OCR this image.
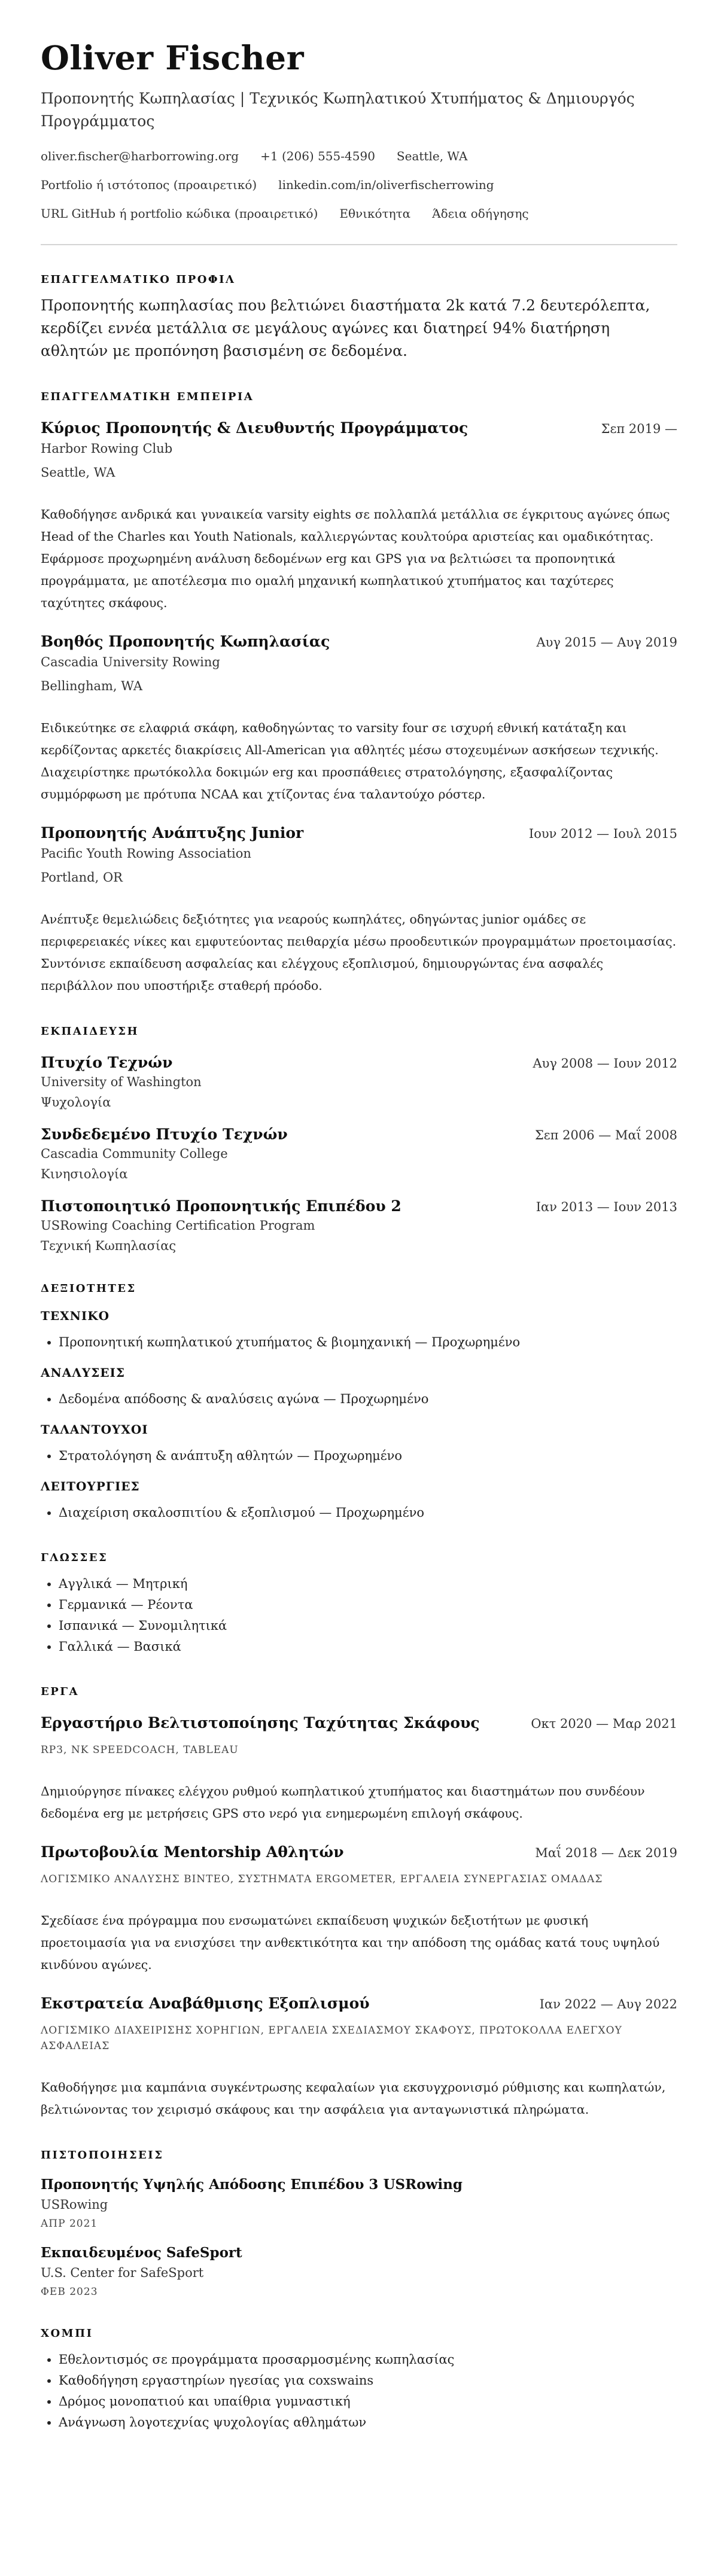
Oliver Fischer
Προπονητής Κωπηλασίας | Τεχνικός Κωπηλατικού Χτυπήματος & Δημιουργός Προγράμματος
oliver.fischer@harborrowing.org +1 (206) 555-4590 Seattle, WA
Portfolio ή ιστότοπος (προαιρετικό) linkedin.com/in/oliverfischerrowing
URL GitHub ή portfolio κώδικα (προαιρετικό) Εθνικότητα Άδεια οδήγησης
ΕΠΑΓΓΕΛΜΑΤΙΚΟ ΠΡΟΦΙΛ

Προπονητής κωπηλασίας που βελτιώνει διαστήματα 2k κατά 7.2 δευτερόλεπτα, κερδίζει εννέα μετάλλια σε μεγάλους αγώνες και διατηρεί 94% διατήρηση αθλητών με προπόνηση βασισμένη σε δεδομένα.

ΕΠΑΓΓΕΛΜΑΤΙΚΗ ΕΜΠΕΙΡΙΑ
Κύριος Προπονητής & Διευθυντής Προγράμματος	Σεπ 2019 —
Harbor Rowing Club
Seattle, WA
Καθοδήγησε ανδρικά και γυναικεία varsity eights σε πολλαπλά μετάλλια σε έγκριτους αγώνες όπως Head of the Charles και Youth Nationals, καλλιεργώντας κουλτούρα αριστείας και ομαδικότητας. Εφάρμοσε προχωρημένη ανάλυση δεδομένων erg και GPS για να βελτιώσει τα προπονητικά προγράμματα, με αποτέλεσμα πιο ομαλή μηχανική κωπηλατικού χτυπήματος και ταχύτερες ταχύτητες σκάφους.
Βοηθός Προπονητής Κωπηλασίας	Αυγ 2015 — Αυγ 2019
Cascadia University Rowing
Bellingham, WA
Ειδικεύτηκε σε ελαφριά σκάφη, καθοδηγώντας το varsity four σε ισχυρή εθνική κατάταξη και κερδίζοντας αρκετές διακρίσεις All-American για αθλητές μέσω στοχευμένων ασκήσεων τεχνικής. Διαχειρίστηκε πρωτόκολλα δοκιμών erg και προσπάθειες στρατολόγησης, εξασφαλίζοντας συμμόρφωση με πρότυπα NCAA και χτίζοντας ένα ταλαντούχο ρόστερ.
Προπονητής Ανάπτυξης Junior	Ιουν 2012 — Ιουλ 2015
Pacific Youth Rowing Association
Portland, OR
Ανέπτυξε θεμελιώδεις δεξιότητες για νεαρούς κωπηλάτες, οδηγώντας junior ομάδες σε περιφερειακές νίκες και εμφυτεύοντας πειθαρχία μέσω προοδευτικών προγραμμάτων προετοιμασίας. Συντόνισε εκπαίδευση ασφαλείας και ελέγχους εξοπλισμού, δημιουργώντας ένα ασφαλές περιβάλλον που υποστήριξε σταθερή πρόοδο.
ΕΚΠΑΙΔΕΥΣΗ
Πτυχίο Τεχνών	Αυγ 2008 — Ιουν 2012
University of Washington
Ψυχολογία
Συνδεδεμένο Πτυχίο Τεχνών	Σεπ 2006 — Μαΐ 2008
Cascadia Community College
Κινησιολογία
Πιστοποιητικό Προπονητικής Επιπέδου 2	Ιαν 2013 — Ιουν 2013
USRowing Coaching Certification Program
Τεχνική Κωπηλασίας
ΔΕΞΙΟΤΗΤΕΣ
ΤΕΧΝΙΚΟ
• Προπονητική κωπηλατικού χτυπήματος & βιομηχανική — Προχωρημένο
ΑΝΑΛΥΣΕΙΣ
• Δεδομένα απόδοσης & αναλύσεις αγώνα — Προχωρημένο
ΤΑΛΑΝΤΟΥΧΟΙ
• Στρατολόγηση & ανάπτυξη αθλητών — Προχωρημένο
ΛΕΙΤΟΥΡΓΙΕΣ
• Διαχείριση σκαλοσπιτίου & εξοπλισμού — Προχωρημένο
ΓΛΩΣΣΕΣ
• Αγγλικά — Μητρική
• Γερμανικά — Ρέοντα
• Ισπανικά — Συνομιλητικά
• Γαλλικά — Βασικά
ΕΡΓΑ
Εργαστήριο Βελτιστοποίησης Ταχύτητας Σκάφους	Οκτ 2020 — Μαρ 2021
RP3, NK SPEEDCOACH, TABLEAU
Δημιούργησε πίνακες ελέγχου ρυθμού κωπηλατικού χτυπήματος και διαστημάτων που συνδέουν δεδομένα erg με μετρήσεις GPS στο νερό για ενημερωμένη επιλογή σκάφους.
Πρωτοβουλία Mentorship Αθλητών	Μαΐ 2018 — Δεκ 2019
ΛΟΓΙΣΜΙΚΟ ΑΝΑΛΥΣΗΣ ΒΙΝΤΕΟ, ΣΥΣΤΗΜΑΤΑ ERGOMETER, ΕΡΓΑΛΕΙΑ ΣΥΝΕΡΓΑΣΙΑΣ ΟΜΑΔΑΣ
Σχεδίασε ένα πρόγραμμα που ενσωματώνει εκπαίδευση ψυχικών δεξιοτήτων με φυσική προετοιμασία για να ενισχύσει την ανθεκτικότητα και την απόδοση της ομάδας κατά τους υψηλού κινδύνου αγώνες.
Εκστρατεία Αναβάθμισης Εξοπλισμού	Ιαν 2022 — Αυγ 2022
ΛΟΓΙΣΜΙΚΟ ΔΙΑΧΕΙΡΙΣΗΣ ΧΟΡΗΓΙΩΝ, ΕΡΓΑΛΕΙΑ ΣΧΕΔΙΑΣΜΟΥ ΣΚΑΦΟΥΣ, ΠΡΩΤΟΚΟΛΛΑ ΕΛΕΓΧΟΥ ΑΣΦΑΛΕΙΑΣ
Καθοδήγησε μια καμπάνια συγκέντρωσης κεφαλαίων για εκσυγχρονισμό ρύθμισης και κωπηλατών, βελτιώνοντας τον χειρισμό σκάφους και την ασφάλεια για ανταγωνιστικά πληρώματα.
ΠΙΣΤΟΠΟΙΗΣΕΙΣ
Προπονητής Υψηλής Απόδοσης Επιπέδου 3 USRowing
USRowing
ΑΠΡ 2021
Εκπαιδευμένος SafeSport
U.S. Center for SafeSport
ΦΕΒ 2023
ΧΟΜΠΙ
• Εθελοντισμός σε προγράμματα προσαρμοσμένης κωπηλασίας
• Καθοδήγηση εργαστηρίων ηγεσίας για coxswains
• Δρόμος μονοπατιού και υπαίθρια γυμναστική
• Ανάγνωση λογοτεχνίας ψυχολογίας αθλημάτων
